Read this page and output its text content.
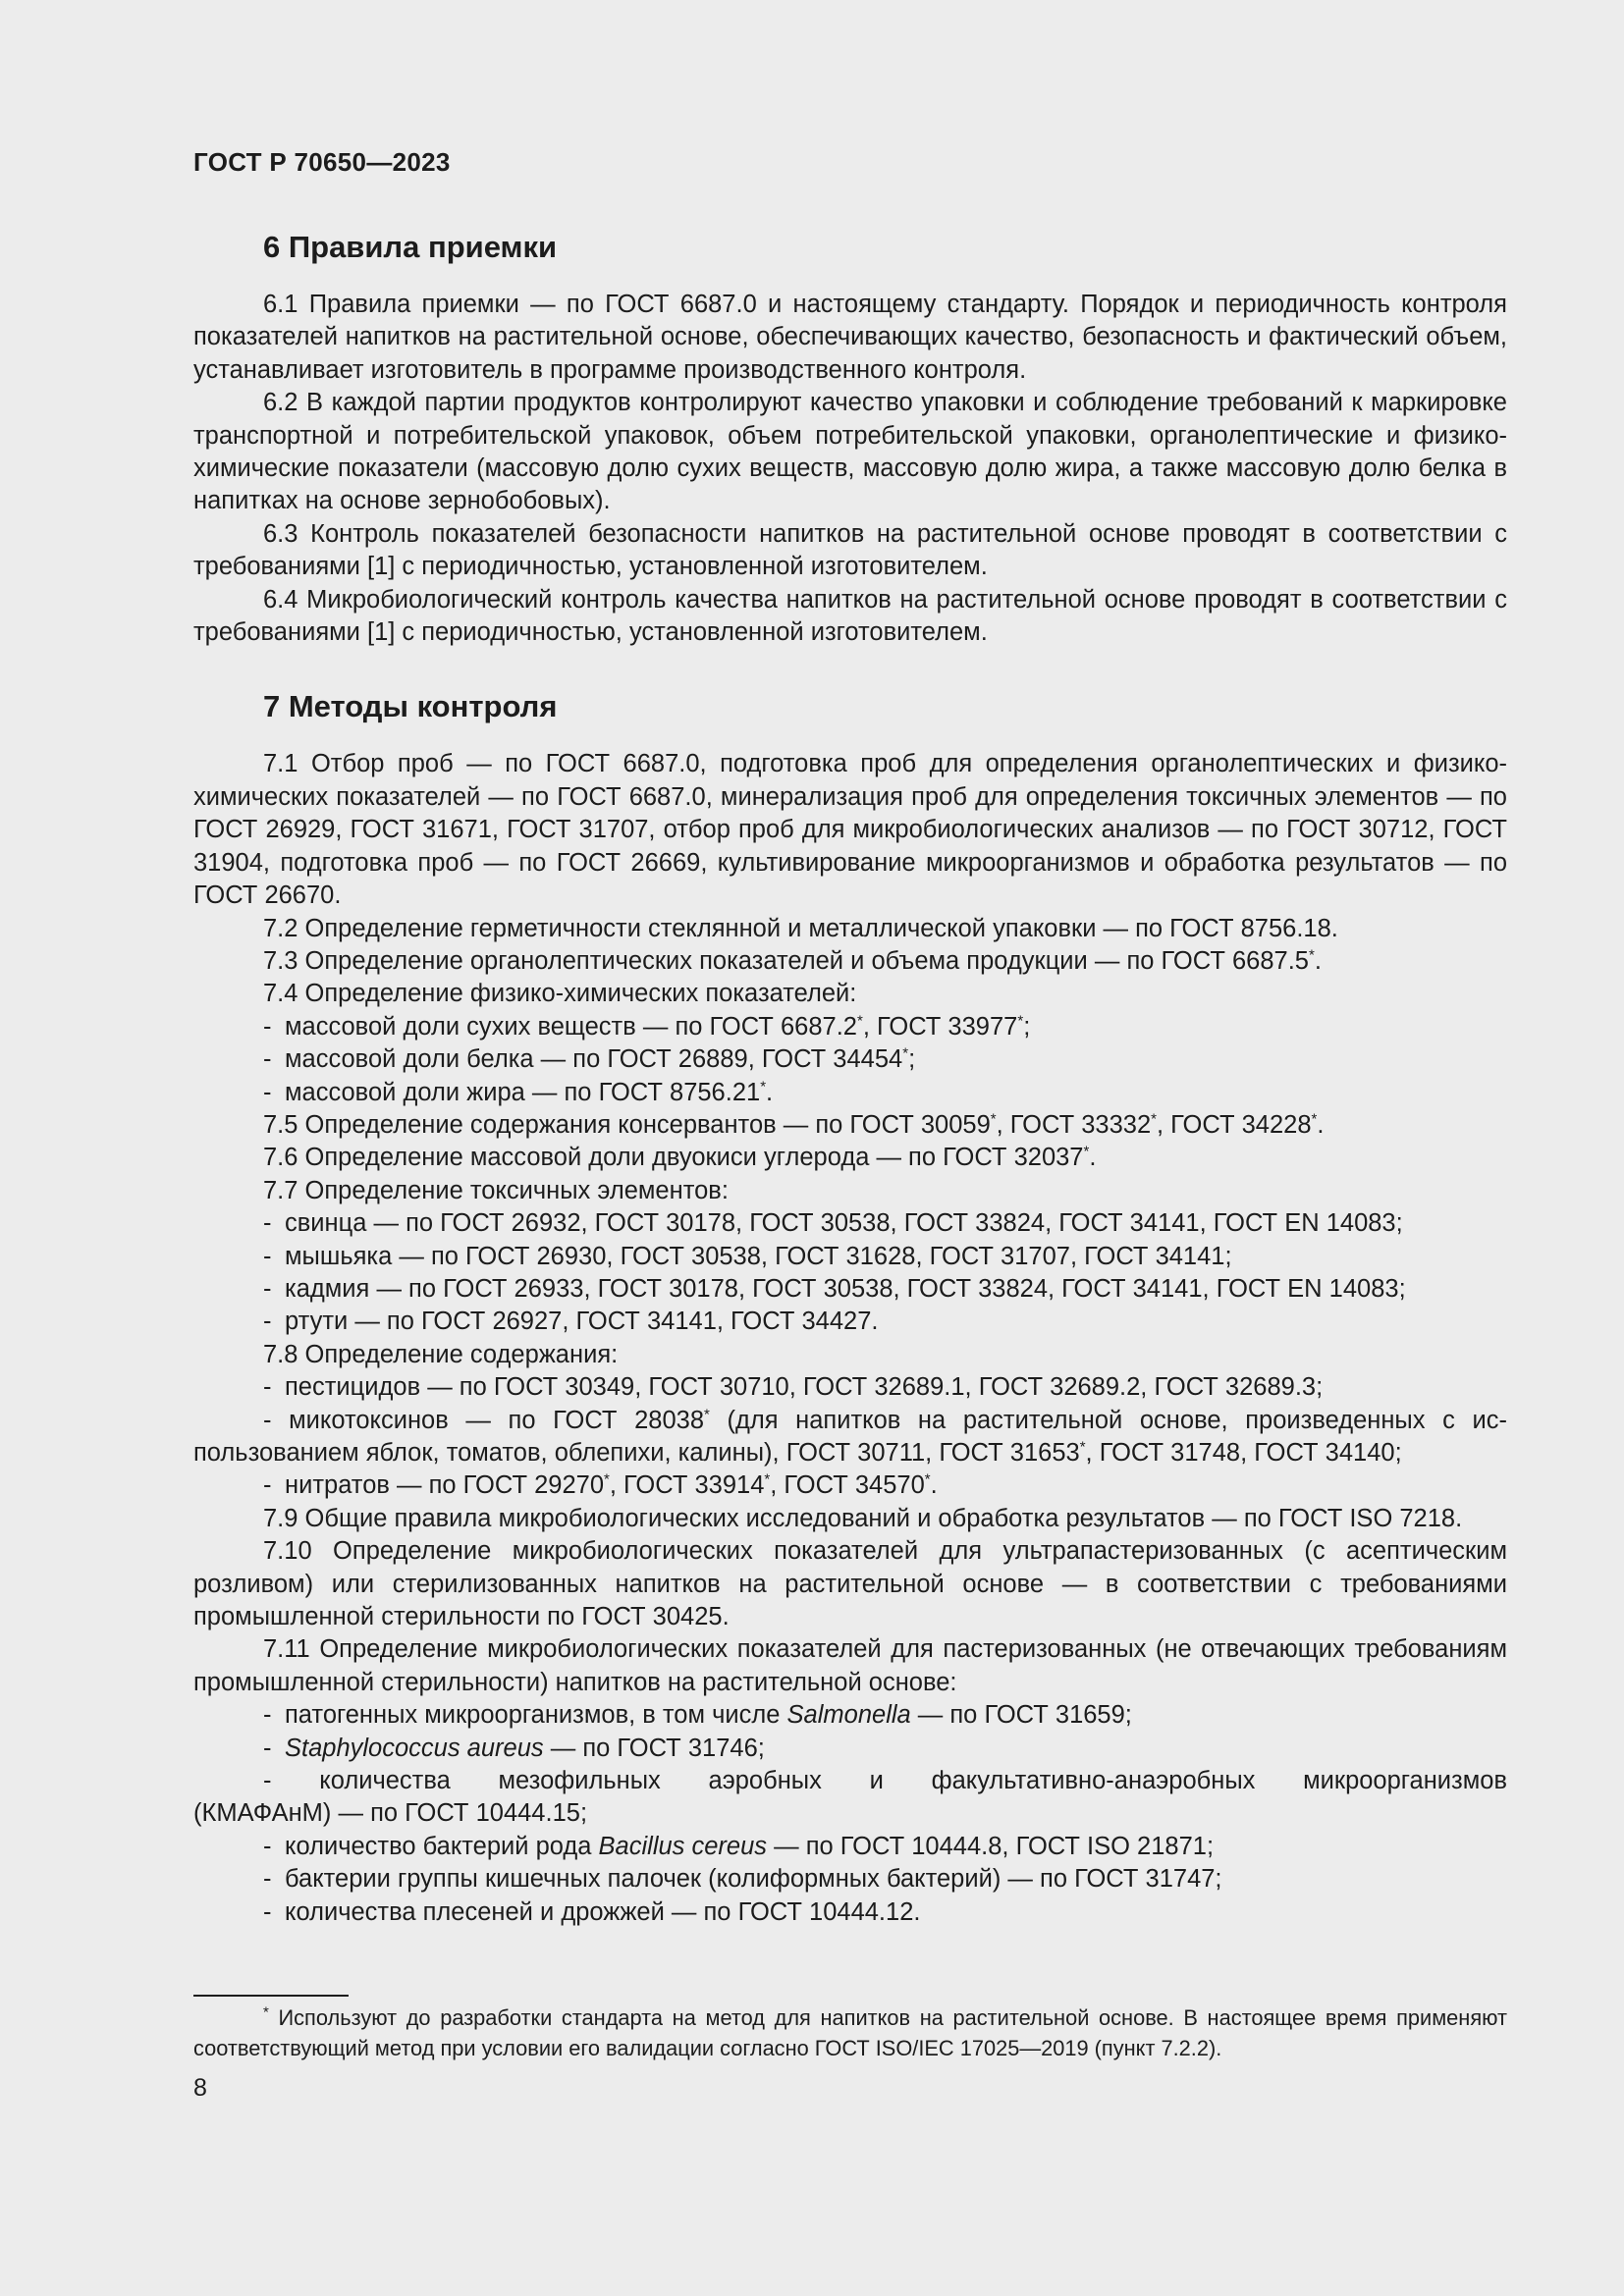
ГОСТ Р 70650—2023
6 Правила приемки

6.1 Правила приемки — по ГОСТ 6687.0 и настоящему стандарту. Порядок и периодичность контроля показателей напитков на растительной основе, обеспечивающих качество, безопасность и фактический объем, устанавливает изготовитель в программе производственного контроля.

6.2 В каждой партии продуктов контролируют качество упаковки и соблюдение требований к маркировке транспортной и потребительской упаковок, объем потребительской упаковки, органолептические и физико-химические показатели (массовую долю сухих веществ, массовую долю жира, а также массовую долю белка в напитках на основе зернобобовых).

6.3 Контроль показателей безопасности напитков на растительной основе проводят в соответствии с требованиями [1] с периодичностью, установленной изготовителем.

6.4 Микробиологический контроль качества напитков на растительной основе проводят в соответствии с требованиями [1] с периодичностью, установленной изготовителем.

7 Методы контроля

7.1 Отбор проб — по ГОСТ 6687.0, подготовка проб для определения органолептических и физико-химических показателей — по ГОСТ 6687.0, минерализация проб для определения токсичных элементов — по ГОСТ 26929, ГОСТ 31671, ГОСТ 31707, отбор проб для микробиологических анализов — по ГОСТ 30712, ГОСТ 31904, подготовка проб — по ГОСТ 26669, культивирование микроорганизмов и обработка результатов — по ГОСТ 26670.

7.2 Определение герметичности стеклянной и металлической упаковки — по ГОСТ 8756.18.

7.3 Определение органолептических показателей и объема продукции — по ГОСТ 6687.5*.

7.4 Определение физико-химических показателей:

- массовой доли сухих веществ — по ГОСТ 6687.2*, ГОСТ 33977*;

- массовой доли белка — по ГОСТ 26889, ГОСТ 34454*;

- массовой доли жира — по ГОСТ 8756.21*.

7.5 Определение содержания консервантов — по ГОСТ 30059*, ГОСТ 33332*, ГОСТ 34228*.

7.6 Определение массовой доли двуокиси углерода — по ГОСТ 32037*.

7.7 Определение токсичных элементов:

- свинца — по ГОСТ 26932, ГОСТ 30178, ГОСТ 30538, ГОСТ 33824, ГОСТ 34141, ГОСТ EN 14083;

- мышьяка — по ГОСТ 26930, ГОСТ 30538, ГОСТ 31628, ГОСТ 31707, ГОСТ 34141;

- кадмия — по ГОСТ 26933, ГОСТ 30178, ГОСТ 30538, ГОСТ 33824, ГОСТ 34141, ГОСТ EN 14083;

- ртути — по ГОСТ 26927, ГОСТ 34141, ГОСТ 34427.

7.8 Определение содержания:

- пестицидов — по ГОСТ 30349, ГОСТ 30710, ГОСТ 32689.1, ГОСТ 32689.2, ГОСТ 32689.3;

- микотоксинов — по ГОСТ 28038* (для напитков на растительной основе, произведенных с использованием яблок, томатов, облепихи, калины), ГОСТ 30711, ГОСТ 31653*, ГОСТ 31748, ГОСТ 34140;

- нитратов — по ГОСТ 29270*, ГОСТ 33914*, ГОСТ 34570*.

7.9 Общие правила микробиологических исследований и обработка результатов — по ГОСТ ISO 7218.

7.10 Определение микробиологических показателей для ультрапастеризованных (с асептическим розливом) или стерилизованных напитков на растительной основе — в соответствии с требованиями промышленной стерильности по ГОСТ 30425.

7.11 Определение микробиологических показателей для пастеризованных (не отвечающих требованиям промышленной стерильности) напитков на растительной основе:

- патогенных микроорганизмов, в том числе Salmonella — по ГОСТ 31659;

- Staphylococcus aureus — по ГОСТ 31746;

- количества мезофильных аэробных и факультативно-анаэробных микроорганизмов

(КМАФАнМ) — по ГОСТ 10444.15;

- количество бактерий рода Bacillus cereus — по ГОСТ 10444.8, ГОСТ ISO 21871;

- бактерии группы кишечных палочек (колиформных бактерий) — по ГОСТ 31747;

- количества плесеней и дрожжей — по ГОСТ 10444.12.

* Используют до разработки стандарта на метод для напитков на растительной основе. В настоящее время применяют соответствующий метод при условии его валидации согласно ГОСТ ISO/IEC 17025—2019 (пункт 7.2.2).

8
